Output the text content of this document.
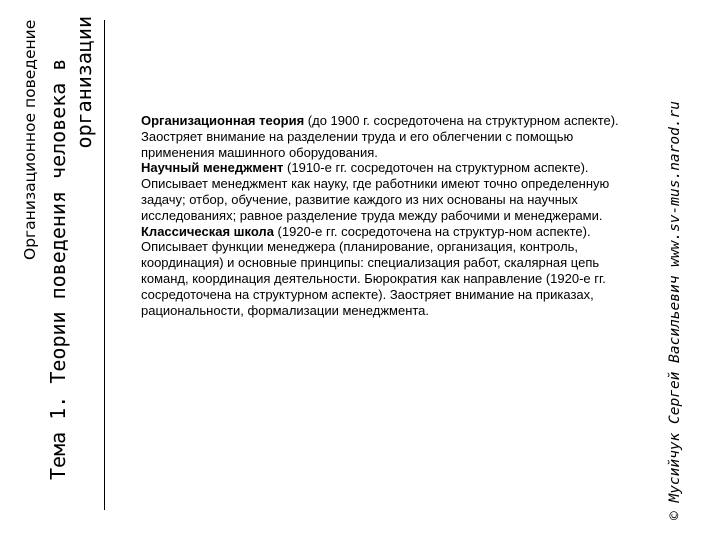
Организационное поведение Тема 1. Теории поведения человека в организации	Организационная теория (до 1900 г. сосредоточена на структурном аспекте). Заостряет внимание на разделении труда и его облегчении с помощью применения машинного оборудования.

Научный менеджмент (1910-е гг. сосредоточен на структурном аспекте). Описывает менеджмент как науку, где работники имеют точно определенную задачу; отбор, обучение, развитие каждого из них основаны на научных исследованиях; равное разделение труда между рабочими и менеджерами.

Классическая школа (1920-е гг. сосредоточена на структур-ном аспекте). Описывает функции менеджера (планирование, организация, контроль, координация) и основные принципы: специализация работ, скалярная цепь команд, координация деятельности. Бюрократия как направление (1920-е гг. сосредоточена на структурном аспекте). Заостряет внимание на приказах, рациональности, формализации менеджмента.	© Мусийчук Сергей Васильевич www.sv-mus.narod.ru
